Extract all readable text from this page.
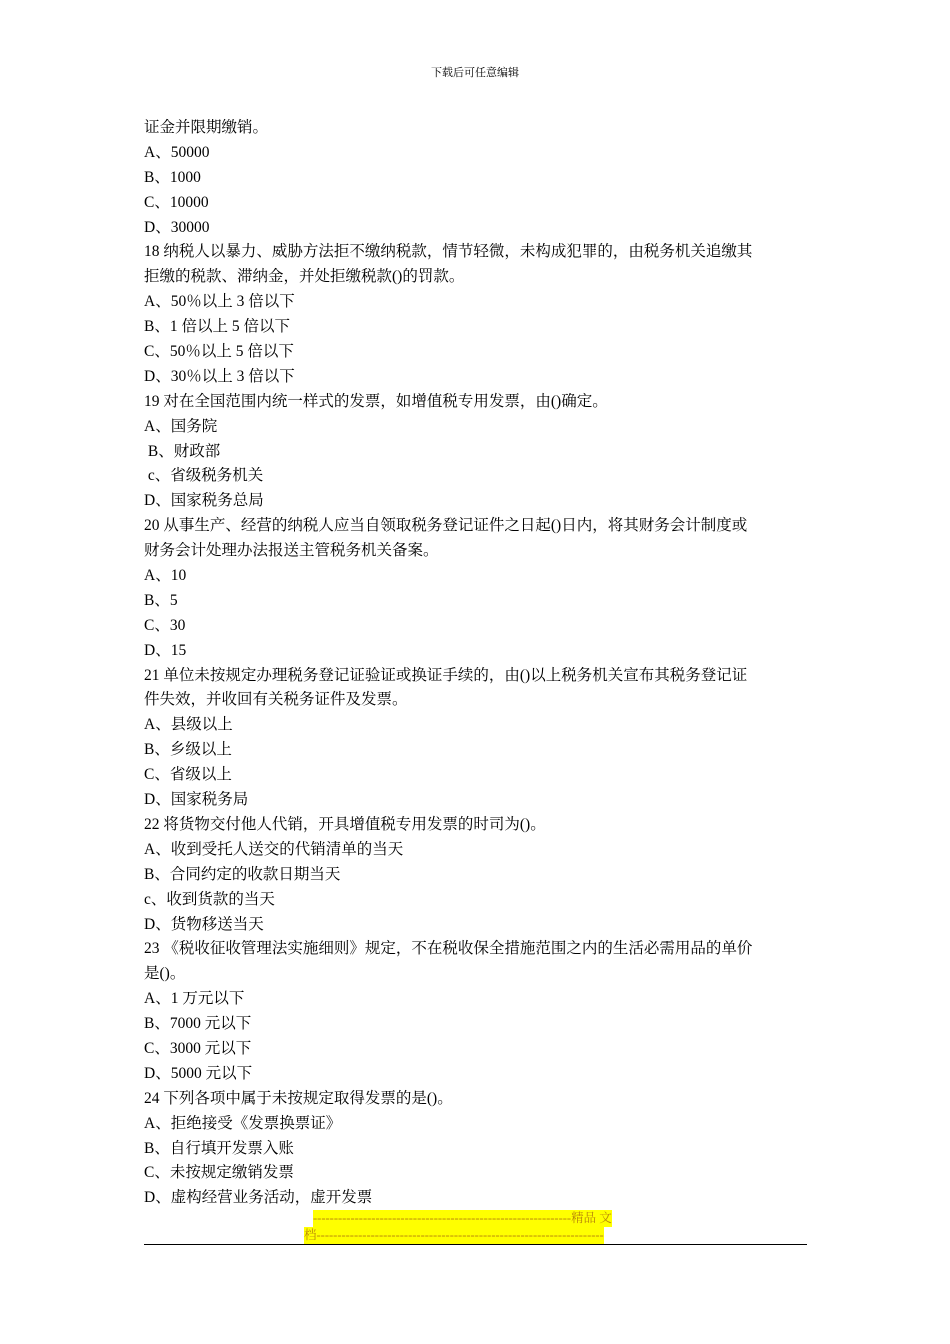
下载后可任意编辑
证金并限期缴销。
A、50000
B、1000
C、10000
D、30000
18 纳税人以暴力、威胁方法拒不缴纳税款，情节轻微，未构成犯罪的，由税务机关追缴其
拒缴的税款、滞纳金，并处拒缴税款()的罚款。
A、50％以上 3 倍以下
B、1 倍以上 5 倍以下
C、50％以上 5 倍以下
D、30％以上 3 倍以下
19 对在全国范围内统一样式的发票，如增值税专用发票，由()确定。
A、国务院
B、财政部
c、省级税务机关
D、国家税务总局
20 从事生产、经营的纳税人应当自领取税务登记证件之日起()日内，将其财务会计制度或
财务会计处理办法报送主管税务机关备案。
A、10
B、5
C、30
D、15
21 单位未按规定办理税务登记证验证或换证手续的，由()以上税务机关宣布其税务登记证
件失效，并收回有关税务证件及发票。
A、县级以上
B、乡级以上
C、省级以上
D、国家税务局
22 将货物交付他人代销，开具增值税专用发票的时司为()。
A、收到受托人送交的代销清单的当天
B、合同约定的收款日期当天
c、收到货款的当天
D、货物移送当天
23 《税收征收管理法实施细则》规定，不在税收保全措施范围之内的生活必需用品的单价
是()。
A、1 万元以下
B、7000 元以下
C、3000 元以下
D、5000 元以下
24 下列各项中属于未按规定取得发票的是()。
A、拒绝接受《发票换票证》
B、自行填开发票入账
C、未按规定缴销发票
D、虚构经营业务活动，虚开发票
--------------------------------------------------------------精品 文
档---------------------------------------------------------------------
